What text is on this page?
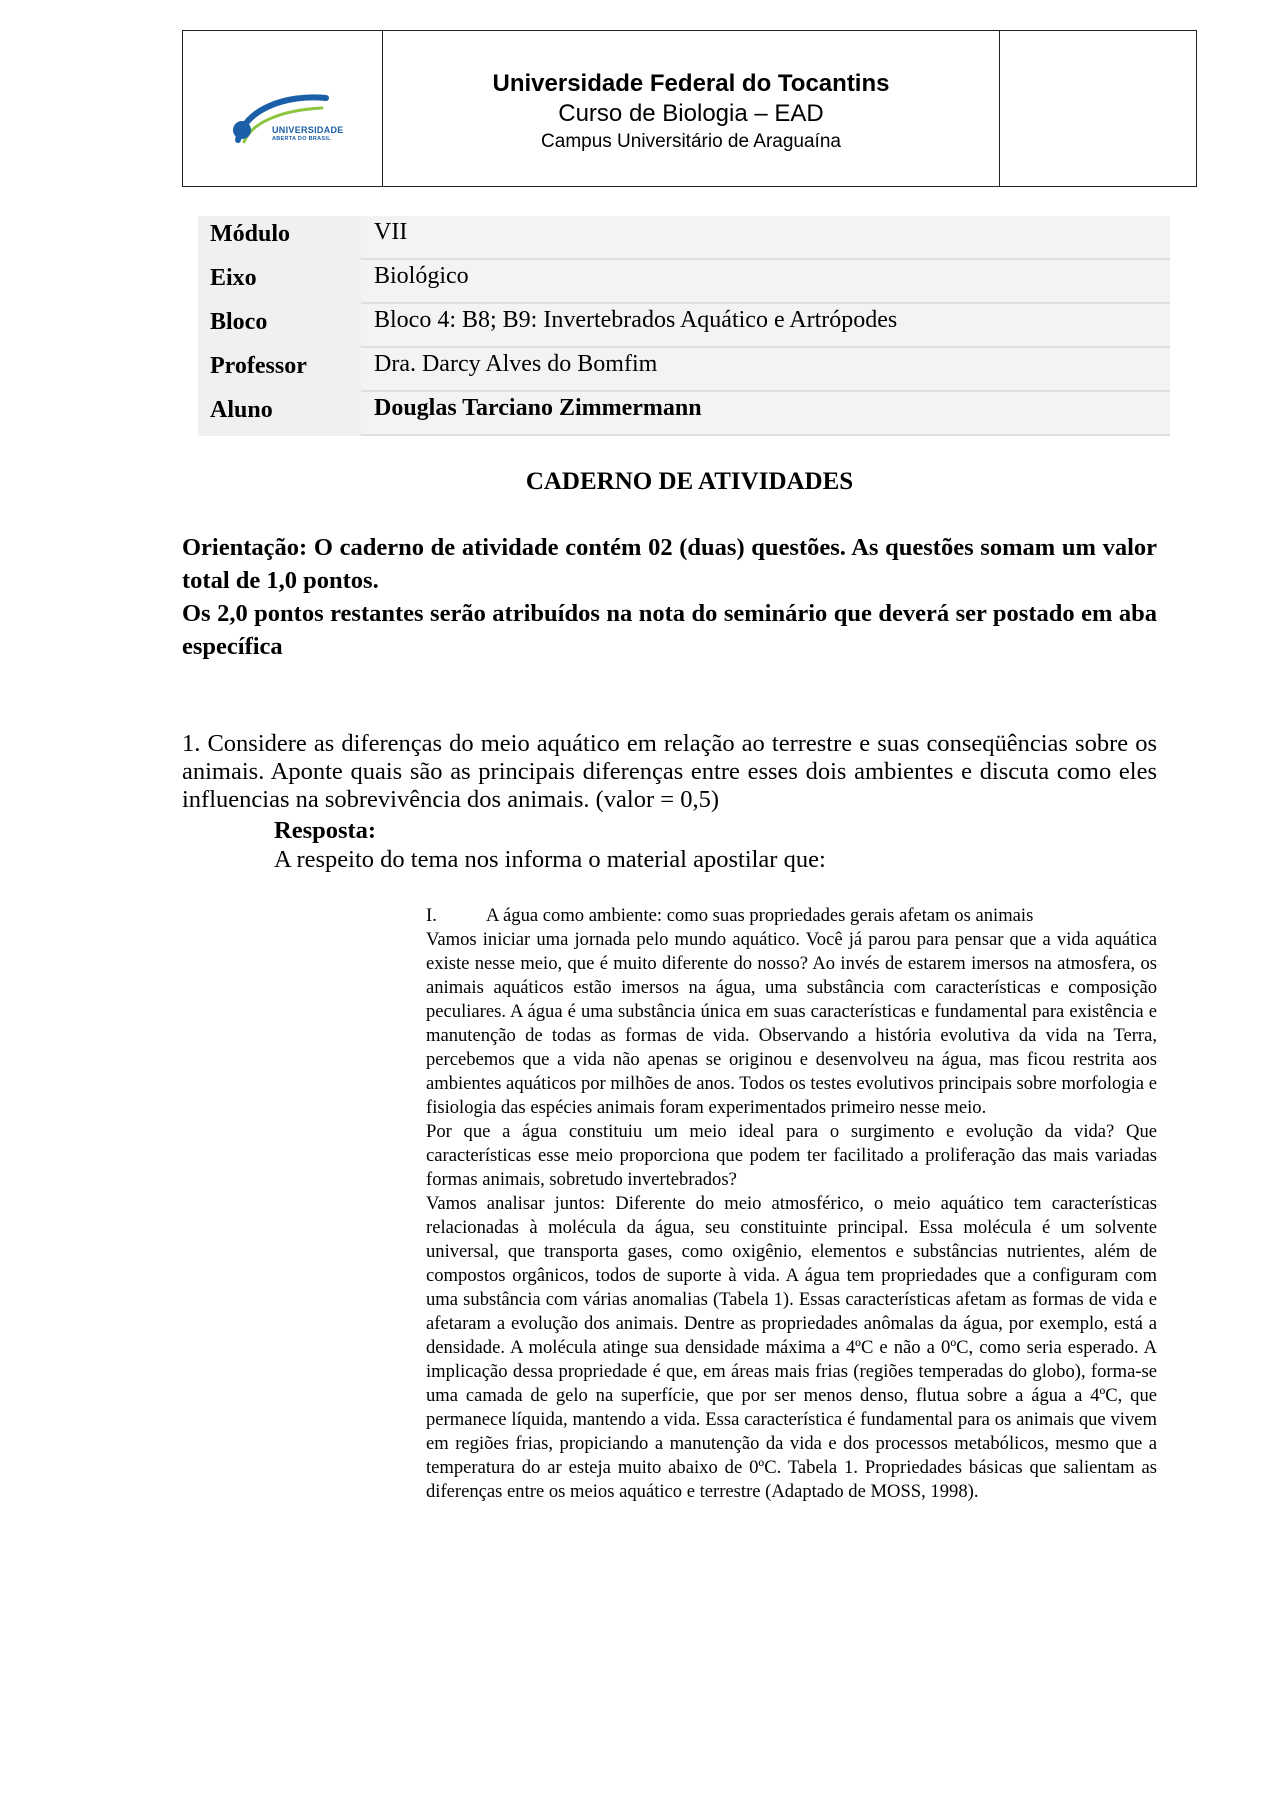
UNIVERSIDADE
ABERTA DO BRASIL
Universidade Federal do Tocantins
Curso de Biologia – EAD
Campus Universitário de Araguaína
Módulo	VII
Eixo	Biológico
Bloco	Bloco 4: B8; B9: Invertebrados Aquático e Artrópodes
Professor	Dra. Darcy Alves do Bomfim
Aluno	Douglas Tarciano Zimmermann
CADERNO DE ATIVIDADES

Orientação: O caderno de atividade contém 02 (duas) questões. As questões somam um valor total de 1,0 pontos.

Os 2,0 pontos restantes serão atribuídos na nota do seminário que deverá ser postado em aba específica

1. Considere as diferenças do meio aquático em relação ao terrestre e suas conseqüências sobre os animais. Aponte quais são as principais diferenças entre esses dois ambientes e discuta como eles influencias na sobrevivência dos animais. (valor = 0,5)

Resposta:
A respeito do tema nos informa o material apostilar que:

I.	A água como ambiente: como suas propriedades gerais afetam os animais

Vamos iniciar uma jornada pelo mundo aquático. Você já parou para pensar que a vida aquática existe nesse meio, que é muito diferente do nosso? Ao invés de estarem imersos na atmosfera, os animais aquáticos estão imersos na água, uma substância com características e composição peculiares. A água é uma substância única em suas características e fundamental para existência e manutenção de todas as formas de vida. Observando a história evolutiva da vida na Terra, percebemos que a vida não apenas se originou e desenvolveu na água, mas ficou restrita aos ambientes aquáticos por milhões de anos. Todos os testes evolutivos principais sobre morfologia e fisiologia das espécies animais foram experimentados primeiro nesse meio.

Por que a água constituiu um meio ideal para o surgimento e evolução da vida? Que características esse meio proporciona que podem ter facilitado a proliferação das mais variadas formas animais, sobretudo invertebrados?

Vamos analisar juntos: Diferente do meio atmosférico, o meio aquático tem características relacionadas à molécula da água, seu constituinte principal. Essa molécula é um solvente universal, que transporta gases, como oxigênio, elementos e substâncias nutrientes, além de compostos orgânicos, todos de suporte à vida. A água tem propriedades que a configuram com uma substância com várias anomalias (Tabela 1). Essas características afetam as formas de vida e afetaram a evolução dos animais. Dentre as propriedades anômalas da água, por exemplo, está a densidade. A molécula atinge sua densidade máxima a 4ºC e não a 0ºC, como seria esperado. A implicação dessa propriedade é que, em áreas mais frias (regiões temperadas do globo), forma-se uma camada de gelo na superfície, que por ser menos denso, flutua sobre a água a 4ºC, que permanece líquida, mantendo a vida. Essa característica é fundamental para os animais que vivem em regiões frias, propiciando a manutenção da vida e dos processos metabólicos, mesmo que a temperatura do ar esteja muito abaixo de 0ºC. Tabela 1. Propriedades básicas que salientam as diferenças entre os meios aquático e terrestre (Adaptado de MOSS, 1998).
